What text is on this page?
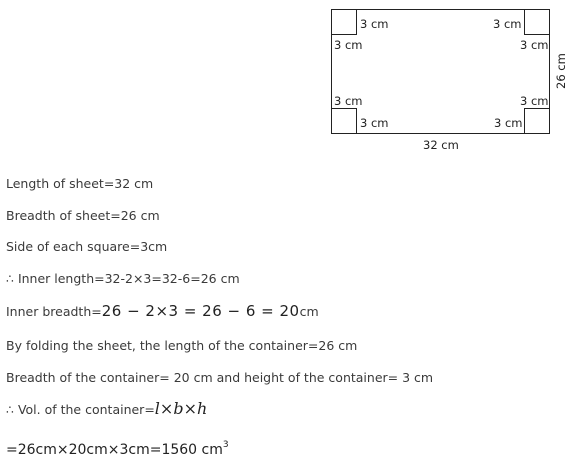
3 cm
3 cm
3 cm
3 cm
3 cm
3 cm
3 cm
3 cm
32 cm
26 cm
Length of sheet=32 cm
Breadth of sheet=26 cm
Side of each square=3cm
∴ Inner length=32-2×3=32-6=26 cm
Inner breadth=26 − 2×3 = 26 − 6 = 20cm
By folding the sheet, the length of the container=26 cm
Breadth of the container= 20 cm and height of the container= 3 cm
∴ Vol. of the container=l×b×h
=26cm×20cm×3cm=1560 $cm^3$
